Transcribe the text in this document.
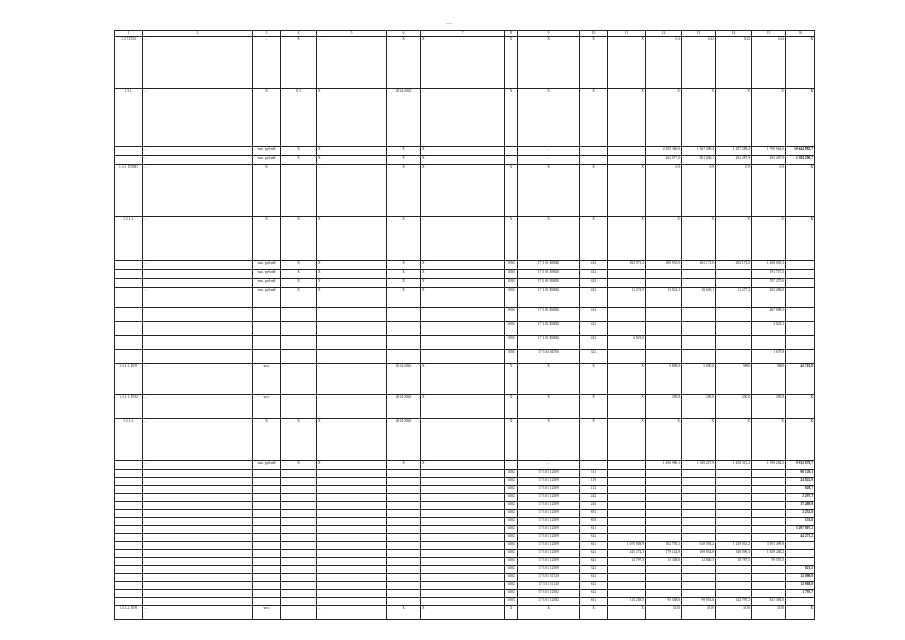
…
1	2	3	4	5	6	7	8	9	10	11	12	13	14	15	16
1.3.7.ПЭ2	…	…	X	…	X	X	X	X	X	X	0,2	0,22	0,22	0,22	X
1.3.1.	…	X	0,3	X	2014-2020	…	X	X	X	X	X	X	X	X	X
	…	тыс. рублей	X	X	X	X		…			2 455 360,0	1 167 290,4	1 297 289,4	1 790 944,6	10 644 882,7
	…	тыс. рублей	X	X	X	X		…			262 077,0	281 046,1	292 287,9	292 287,9	2 384 290,7
1.3.1. ПЭМ1	…	%		…	X	X	X	X	X	X	0,9	0,9	0,9	0,9	X
1.3.1.1.	…	X	X	X	X	…	X	X	X	X	X	X	X	X	X
	…	тыс. рублей	X	X	X	X	1004	17 3 01 R0820	412	292 971,4	280 953,9	292 173,0	292 173,0	1 458 903,3	
		тыс. рублей	X	X	X	X	1004	17 3 01 R0820	412					191 715,3	
		тыс. рублей	X	X	X	X	1004	17 2 01 R0820	412					707 275,6	
	…	тыс. рублей	X	X	X	X	1004	17 3 01 R0820	412	11 274,9	13 922,3	18 649,1	11 277,2	433 288,0	
							1004	17 3 01 R0820	414					467 008,3	
							1004	17 3 01 R0820	412					3 023,3	
							1004	17 3 01 R0820	412	6 923,0					
							1006	17 3 04 04700	321					1 679,8	
1.3.1.1. ПЭ1	…	чел.		…	2014-2020	X	X	X	X	X	5 800,0	5 800,0	5800	5800	42 710,8
1.3.1.1. ПЭ2	…	чел.		…	2014-2020	X	X	X	X	X	250,0	250,0	250,0	250,0	X
1.3.1.2.	…	X	X	X	2014-2020	…	X	X	X	X	X	X	X	X	X
	…	тыс. рублей	X	X	X	X		…			1 456 986,1	1 549 227,9	1 458 312,4	1 789 284,2	9 912 878,7
							1002	17 3 01 12509	111						90 129,1
							1002	17 3 01 12509	119						24 822,9
							1002	17 3 01 12509	112						828,7
							1002	17 3 01 12509	242						2 297,7
							1002	17 3 01 12509	244						37 489,9
							1002	17 3 01 12509	851						2 252,8
							1002	17 3 01 12509	853						153,8
							1002	17 3 01 12509	611						3 297 807,2
							1002	17 3 01 12509	612						44 273,2
							1004	17 3 01 12509	611	1 070 893,9	302 793,1	618 594,2	1 239 041,2	3 951 499,9	
							1002	17 3 01 12509	621	245 272,1	179 142,9	169 834,8	348 096,5	1 659 246,2	
							1004	17 3 01 12509	621	14 797,5	13 348,0	12 840,5	18 787,5	59 555,5	
							1002	17 3 01 12509	321						821,2
							1002	17 3 01 51720	612						12 890,8
							1002	17 3 01 51140	612						12 868,8
							1002	17 3 01 12582	612						1 793,7
							1003	17 3 01 12582	611	115 258,5	95 548,6	99 053,6	142 797,2	621 394,0	
1.3.1.2. ПЭ1	…	чел.		…	X	X	X	X	X	X	3110	3110	3110	3110	X
